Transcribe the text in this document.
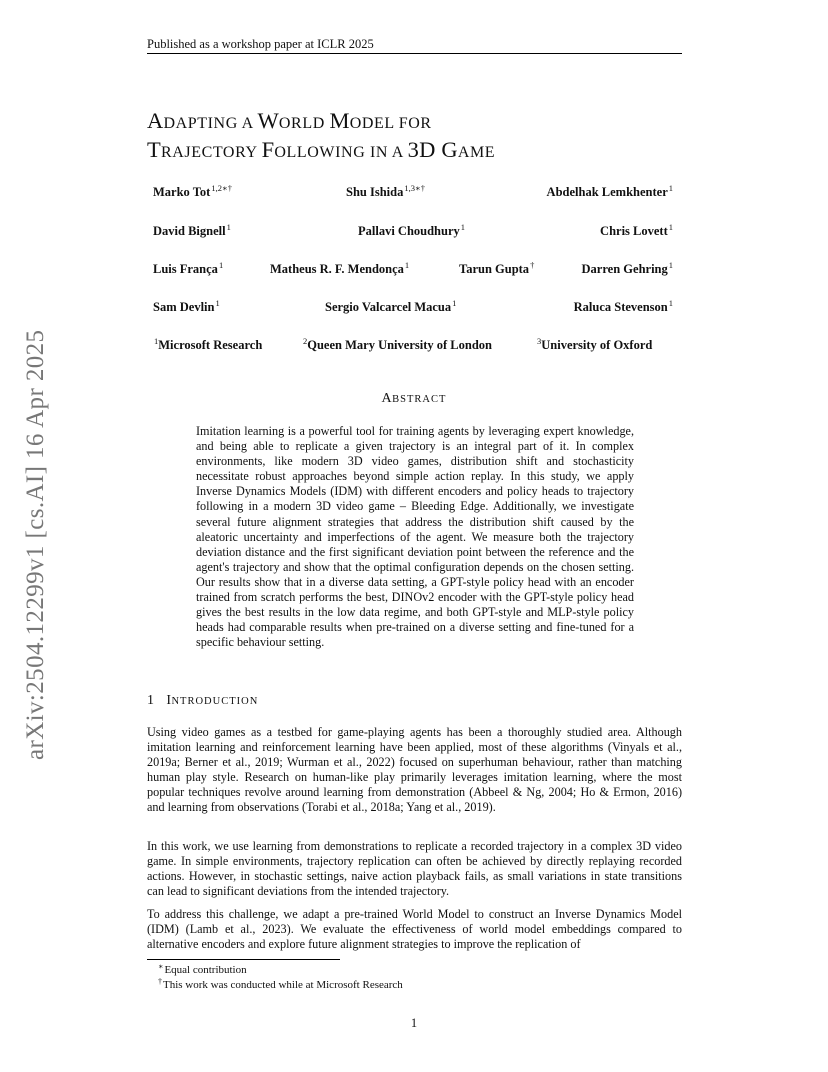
Published as a workshop paper at ICLR 2025
ADAPTING A WORLD MODEL FOR
TRAJECTORY FOLLOWING IN A 3D GAME
Marko Tot$^{1,2∗\dagger}$	Shu Ishida$^{1,3∗\dagger}$	Abdelhak Lemkhenter$^1$
David Bignell$^1$	Pallavi Choudhury$^1$	Chris Lovett$^1$
Luis França$^1$	Matheus R. F. Mendonça$^1$	Tarun Gupta†	Darren Gehring$^1$
Sam Devlin$^1$	Sergio Valcarcel Macua$^1$	Raluca Stevenson$^1$
$^1$Microsoft Research	$^2$Queen Mary University of London	$^3$University of Oxford
arXiv:2504.12299v1 [cs.AI] 16 Apr 2025	ABSTRACT
Imitation learning is a powerful tool for training agents by leveraging expert knowledge, and being able to replicate a given trajectory is an integral part of it. In complex environments, like modern 3D video games, distribution shift and stochasticity necessitate robust approaches beyond simple action replay. In this study, we apply Inverse Dynamics Models (IDM) with different encoders and policy heads to trajectory following in a modern 3D video game – Bleeding Edge. Additionally, we investigate several future alignment strategies that address the distribution shift caused by the aleatoric uncertainty and imperfections of the agent. We measure both the trajectory deviation distance and the first significant deviation point between the reference and the agent's trajectory and show that the optimal configuration depends on the chosen setting. Our results show that in a diverse data setting, a GPT-style policy head with an encoder trained from scratch performs the best, DINOv2 encoder with the GPT-style policy head gives the best results in the low data regime, and both GPT-style and MLP-style policy heads had comparable results when pre-trained on a diverse setting and fine-tuned for a specific behaviour setting.
1 INTRODUCTION
Using video games as a testbed for game-playing agents has been a thoroughly studied area. Although imitation learning and reinforcement learning have been applied, most of these algorithms (Vinyals et al., 2019a; Berner et al., 2019; Wurman et al., 2022) focused on superhuman behaviour, rather than matching human play style. Research on human-like play primarily leverages imitation learning, where the most popular techniques revolve around learning from demonstration (Abbeel & Ng, 2004; Ho & Ermon, 2016) and learning from observations (Torabi et al., 2018a; Yang et al., 2019).
In this work, we use learning from demonstrations to replicate a recorded trajectory in a complex 3D video game. In simple environments, trajectory replication can often be achieved by directly replaying recorded actions. However, in stochastic settings, naive action playback fails, as small variations in state transitions can lead to significant deviations from the intended trajectory.
To address this challenge, we adapt a pre-trained World Model to construct an Inverse Dynamics Model (IDM) (Lamb et al., 2023). We evaluate the effectiveness of world model embeddings compared to alternative encoders and explore future alignment strategies to improve the replication of
∗Equal contribution
†This work was conducted while at Microsoft Research
1
